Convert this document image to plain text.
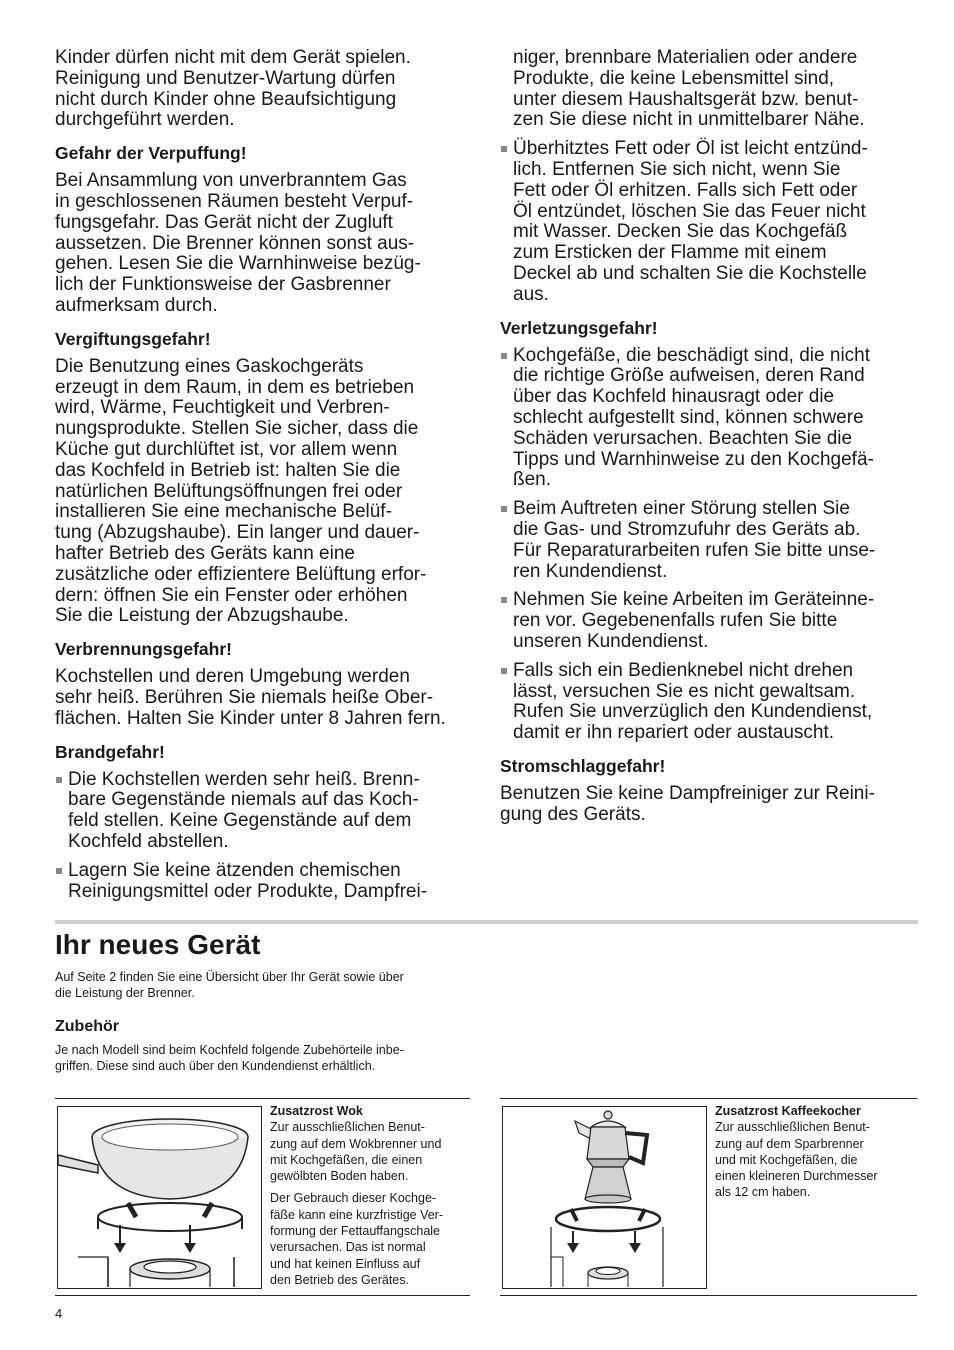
Kinder dürfen nicht mit dem Gerät spielen.
Reinigung und Benutzer-Wartung dürfen
nicht durch Kinder ohne Beaufsichtigung
durchgeführt werden.

Gefahr der Verpuffung!

Bei Ansammlung von unverbranntem Gas
in geschlossenen Räumen besteht Verpuf-
fungsgefahr. Das Gerät nicht der Zugluft
aussetzen. Die Brenner können sonst aus-
gehen. Lesen Sie die Warnhinweise bezüg-
lich der Funktionsweise der Gasbrenner
aufmerksam durch.

Vergiftungsgefahr!

Die Benutzung eines Gaskochgeräts
erzeugt in dem Raum, in dem es betrieben
wird, Wärme, Feuchtigkeit und Verbren-
nungsprodukte. Stellen Sie sicher, dass die
Küche gut durchlüftet ist, vor allem wenn
das Kochfeld in Betrieb ist: halten Sie die
natürlichen Belüftungsöffnungen frei oder
installieren Sie eine mechanische Belüf-
tung (Abzugshaube). Ein langer und dauer-
hafter Betrieb des Geräts kann eine
zusätzliche oder effizientere Belüftung erfor-
dern: öffnen Sie ein Fenster oder erhöhen
Sie die Leistung der Abzugshaube.

Verbrennungsgefahr!

Kochstellen und deren Umgebung werden
sehr heiß. Berühren Sie niemals heiße Ober-
flächen. Halten Sie Kinder unter 8 Jahren fern.

Brandgefahr!

Die Kochstellen werden sehr heiß. Brenn-
bare Gegenstände niemals auf das Koch-
feld stellen. Keine Gegenstände auf dem
Kochfeld abstellen.
Lagern Sie keine ätzenden chemischen
Reinigungsmittel oder Produkte, Dampfrei-
niger, brennbare Materialien oder andere
Produkte, die keine Lebensmittel sind,
unter diesem Haushaltsgerät bzw. benut-
zen Sie diese nicht in unmittelbarer Nähe.
Überhitztes Fett oder Öl ist leicht entzünd-
lich. Entfernen Sie sich nicht, wenn Sie
Fett oder Öl erhitzen. Falls sich Fett oder
Öl entzündet, löschen Sie das Feuer nicht
mit Wasser. Decken Sie das Kochgefäß
zum Ersticken der Flamme mit einem
Deckel ab und schalten Sie die Kochstelle
aus.

Verletzungsgefahr!

Kochgefäße, die beschädigt sind, die nicht
die richtige Größe aufweisen, deren Rand
über das Kochfeld hinausragt oder die
schlecht aufgestellt sind, können schwere
Schäden verursachen. Beachten Sie die
Tipps und Warnhinweise zu den Kochgefä-
ßen.
Beim Auftreten einer Störung stellen Sie
die Gas- und Stromzufuhr des Geräts ab.
Für Reparaturarbeiten rufen Sie bitte unse-
ren Kundendienst.
Nehmen Sie keine Arbeiten im Geräteinne-
ren vor. Gegebenenfalls rufen Sie bitte
unseren Kundendienst.
Falls sich ein Bedienknebel nicht drehen
lässt, versuchen Sie es nicht gewaltsam.
Rufen Sie unverzüglich den Kundendienst,
damit er ihn repariert oder austauscht.

Stromschlaggefahr!

Benutzen Sie keine Dampfreiniger zur Reini-
gung des Geräts.

Ihr neues Gerät

Auf Seite 2 finden Sie eine Übersicht über Ihr Gerät sowie über
die Leistung der Brenner.

Zubehör

Je nach Modell sind beim Kochfeld folgende Zubehörteile inbe-
griffen. Diese sind auch über den Kundendienst erhältlich.

Zusatzrost Wok

Zur ausschließlichen Benut-
zung auf dem Wokbrenner und
mit Kochgefäßen, die einen
gewölbten Boden haben.

Der Gebrauch dieser Kochge-
fäße kann eine kurzfristige Ver-
formung der Fettauffangschale
verursachen. Das ist normal
und hat keinen Einfluss auf
den Betrieb des Gerätes.

Zusatzrost Kaffeekocher

Zur ausschließlichen Benut-
zung auf dem Sparbrenner
und mit Kochgefäßen, die
einen kleineren Durchmesser
als 12 cm haben.

4
